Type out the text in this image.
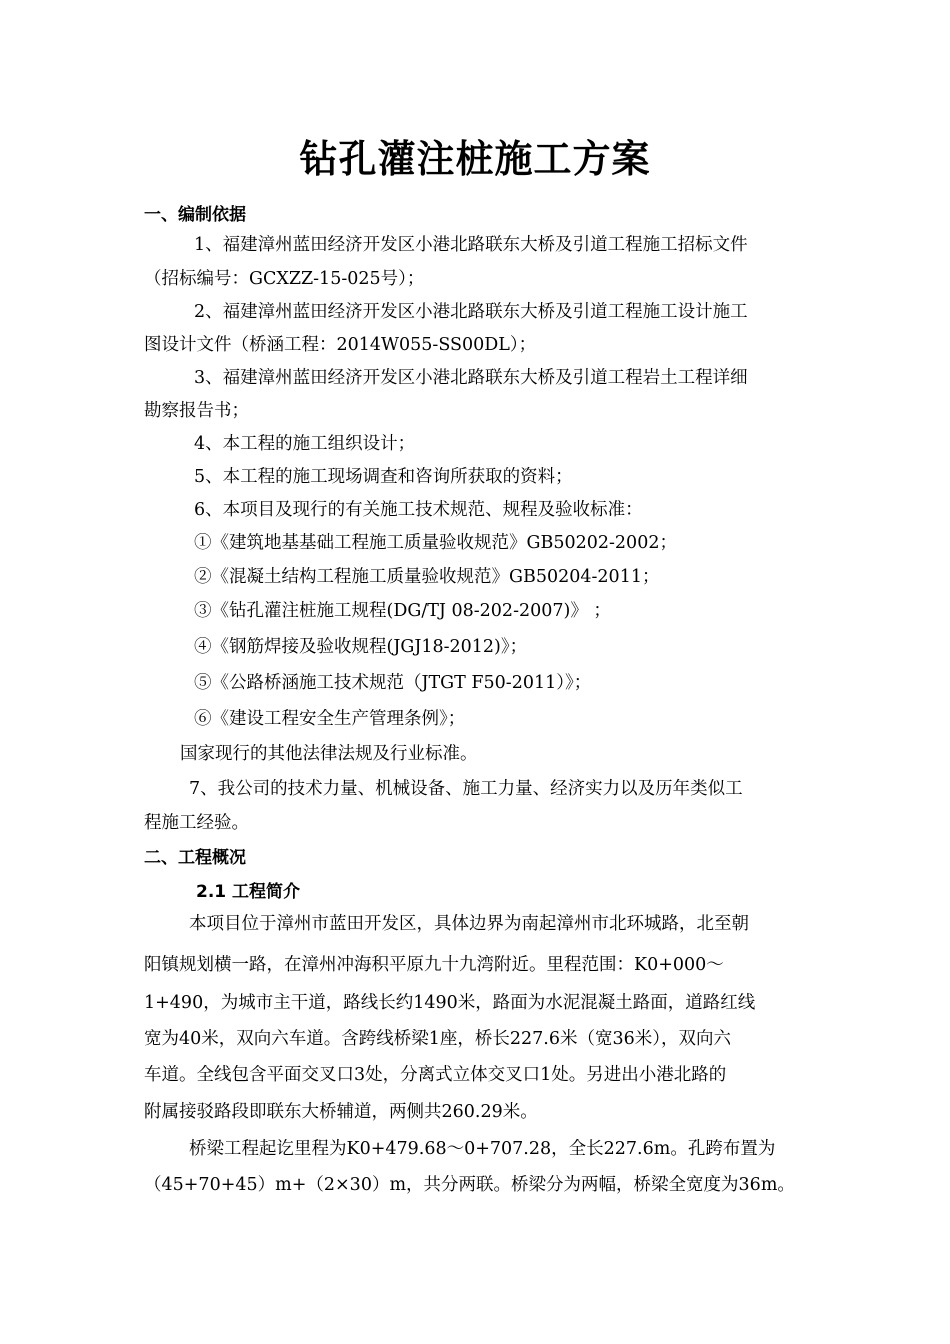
钻孔灌注桩施工方案
一、编制依据
1、福建漳州蓝田经济开发区小港北路联东大桥及引道工程施工招标文件
（招标编号：GCXZZ-15-025号）；
2、福建漳州蓝田经济开发区小港北路联东大桥及引道工程施工设计施工
图设计文件（桥涵工程：2014W055-SS00DL）；
3、福建漳州蓝田经济开发区小港北路联东大桥及引道工程岩土工程详细
勘察报告书；
4、本工程的施工组织设计；
5、本工程的施工现场调查和咨询所获取的资料；
6、本项目及现行的有关施工技术规范、规程及验收标准：
①《建筑地基基础工程施工质量验收规范》GB50202-2002；
②《混凝土结构工程施工质量验收规范》GB50204-2011；
③《钻孔灌注桩施工规程(DG/TJ 08-202-2007)》 ；
④《钢筋焊接及验收规程(JGJ18-2012)》；
⑤《公路桥涵施工技术规范（JTGT F50-2011）》；
⑥《建设工程安全生产管理条例》；
国家现行的其他法律法规及行业标准。
7、我公司的技术力量、机械设备、施工力量、经济实力以及历年类似工
程施工经验。
二、工程概况
2.1 工程简介
本项目位于漳州市蓝田开发区，具体边界为南起漳州市北环城路，北至朝
阳镇规划横一路，在漳州冲海积平原九十九湾附近。里程范围：K0+000～
1+490，为城市主干道，路线长约1490米，路面为水泥混凝土路面，道路红线
宽为40米，双向六车道。含跨线桥梁1座，桥长227.6米（宽36米），双向六
车道。全线包含平面交叉口3处，分离式立体交叉口1处。另进出小港北路的
附属接驳路段即联东大桥辅道，两侧共260.29米。
桥梁工程起讫里程为K0+479.68～0+707.28，全长227.6m。孔跨布置为
（45+70+45）m+（2×30）m，共分两联。桥梁分为两幅，桥梁全宽度为36m。
